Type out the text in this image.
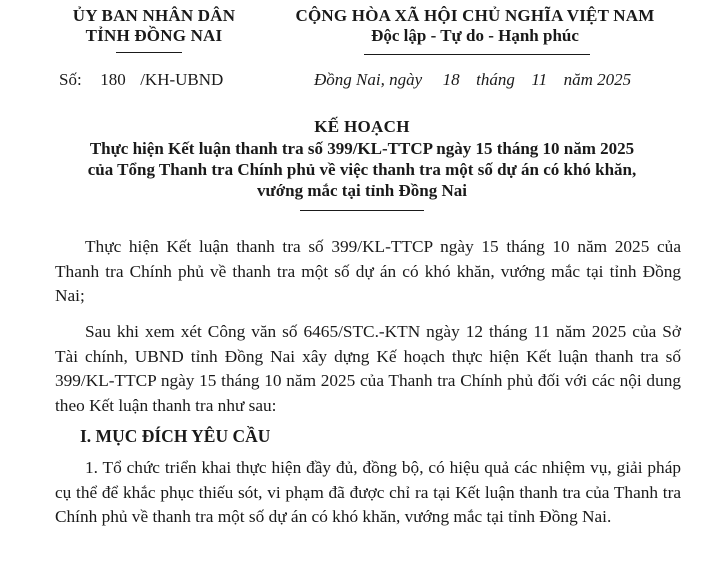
ỦY BAN NHÂN DÂN
TỈNH ĐỒNG NAI
CỘNG HÒA XÃ HỘI CHỦ NGHĨA VIỆT NAM
Độc lập - Tự do - Hạnh phúc
Số: 180 /KH-UBND	Đồng Nai, ngày 18 tháng 11 năm 2025
KẾ HOẠCH
Thực hiện Kết luận thanh tra số 399/KL-TTCP ngày 15 tháng 10 năm 2025
của Tổng Thanh tra Chính phủ về việc thanh tra một số dự án có khó khăn,
vướng mắc tại tỉnh Đồng Nai
Thực hiện Kết luận thanh tra số 399/KL-TTCP ngày 15 tháng 10 năm 2025 của Thanh tra Chính phủ về thanh tra một số dự án có khó khăn, vướng mắc tại tỉnh Đồng Nai;
Sau khi xem xét Công văn số 6465/STC.-KTN ngày 12 tháng 11 năm 2025 của Sở Tài chính, UBND tỉnh Đồng Nai xây dựng Kế hoạch thực hiện Kết luận thanh tra số 399/KL-TTCP ngày 15 tháng 10 năm 2025 của Thanh tra Chính phủ đối với các nội dung theo Kết luận thanh tra như sau:
I. MỤC ĐÍCH YÊU CẦU
1. Tổ chức triển khai thực hiện đầy đủ, đồng bộ, có hiệu quả các nhiệm vụ, giải pháp cụ thể để khắc phục thiếu sót, vi phạm đã được chỉ ra tại Kết luận thanh tra của Thanh tra Chính phủ về thanh tra một số dự án có khó khăn, vướng mắc tại tỉnh Đồng Nai.
